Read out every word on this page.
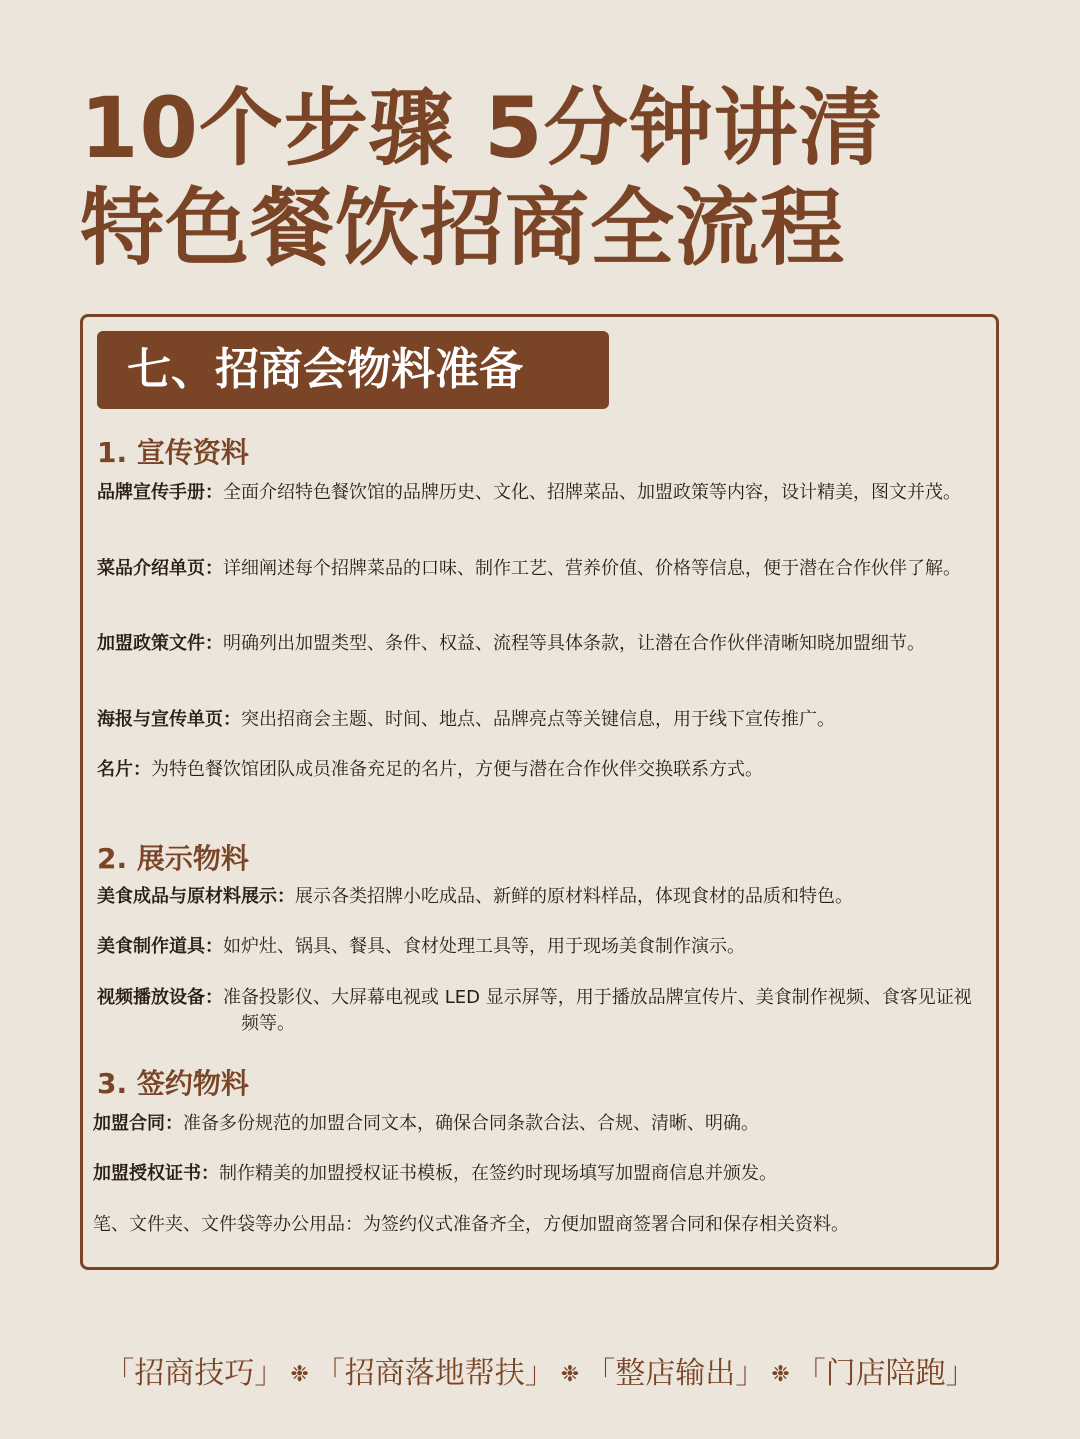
10个步骤 5分钟讲清
特色餐饮招商全流程
七、招商会物料准备
1. 宣传资料
品牌宣传手册：全面介绍特色餐饮馆的品牌历史、文化、招牌菜品、加盟政策等内容，设计精美，图文并茂。
菜品介绍单页：详细阐述每个招牌菜品的口味、制作工艺、营养价值、价格等信息，便于潜在合作伙伴了解。
加盟政策文件：明确列出加盟类型、条件、权益、流程等具体条款，让潜在合作伙伴清晰知晓加盟细节。
海报与宣传单页：突出招商会主题、时间、地点、品牌亮点等关键信息，用于线下宣传推广。
名片：为特色餐饮馆团队成员准备充足的名片，方便与潜在合作伙伴交换联系方式。
2. 展示物料
美食成品与原材料展示：展示各类招牌小吃成品、新鲜的原材料样品，体现食材的品质和特色。
美食制作道具：如炉灶、锅具、餐具、食材处理工具等，用于现场美食制作演示。
视频播放设备：准备投影仪、大屏幕电视或 LED 显示屏等，用于播放品牌宣传片、美食制作视频、食客见证视频等。
3. 签约物料
加盟合同：准备多份规范的加盟合同文本，确保合同条款合法、合规、清晰、明确。
加盟授权证书：制作精美的加盟授权证书模板，在签约时现场填写加盟商信息并颁发。
笔、文件夹、文件袋等办公用品：为签约仪式准备齐全，方便加盟商签署合同和保存相关资料。
「招商技巧」 ❉ 「招商落地帮扶」 ❉ 「整店输出」 ❉ 「门店陪跑」
